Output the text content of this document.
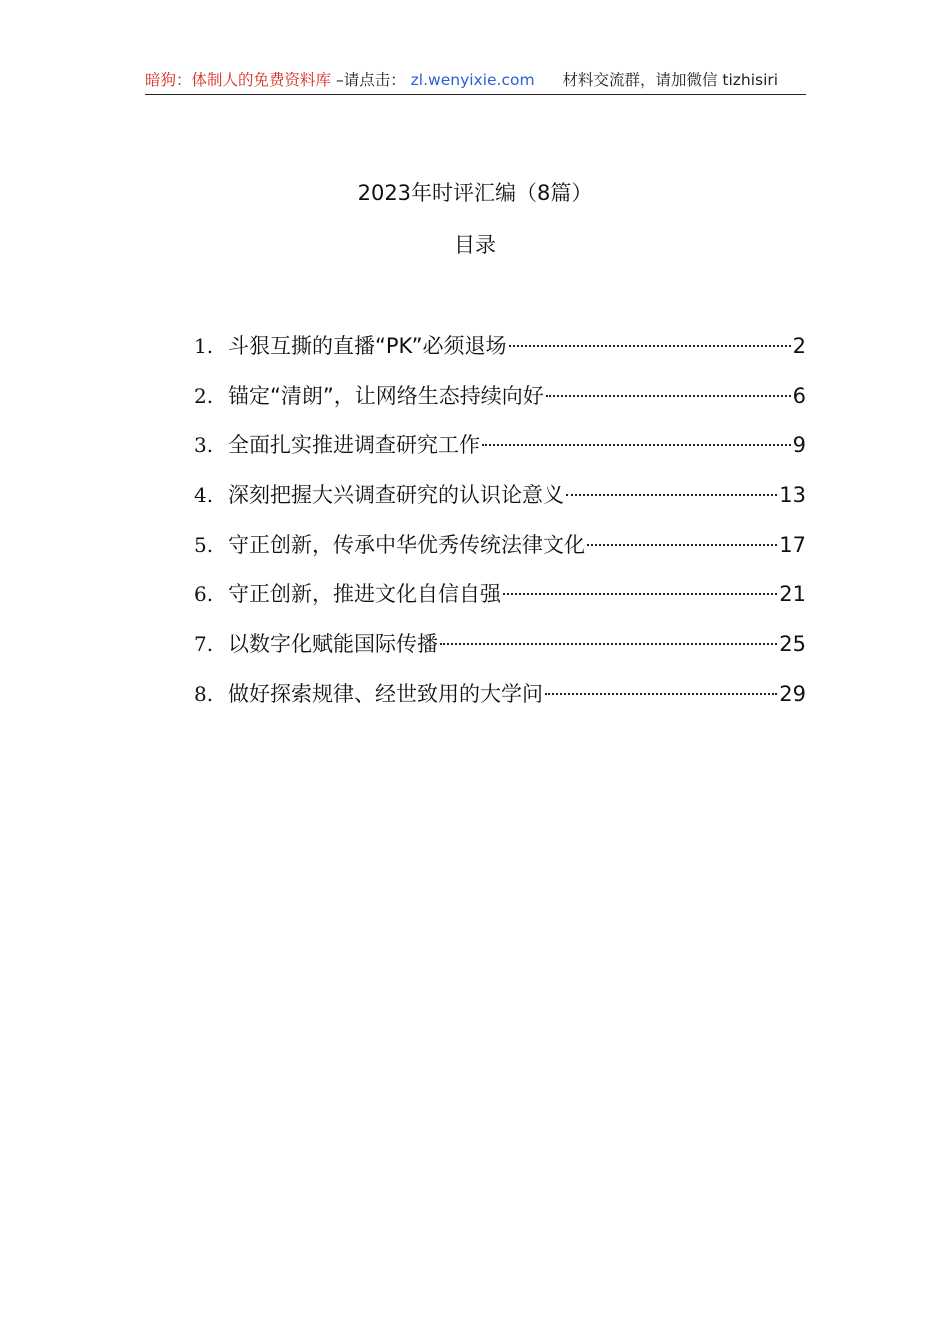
暗狗：体制人的免费资料库 –请点击： zl.wenyixie.com 材料交流群，请加微信 tizhisiri
2023年时评汇编（8篇）
目录
1. 斗狠互撕的直播“PK”必须退场	2
2. 锚定“清朗”，让网络生态持续向好	6
3. 全面扎实推进调查研究工作	9
4. 深刻把握大兴调查研究的认识论意义	13
5. 守正创新，传承中华优秀传统法律文化	17
6. 守正创新，推进文化自信自强	21
7. 以数字化赋能国际传播	25
8. 做好探索规律、经世致用的大学问	29
